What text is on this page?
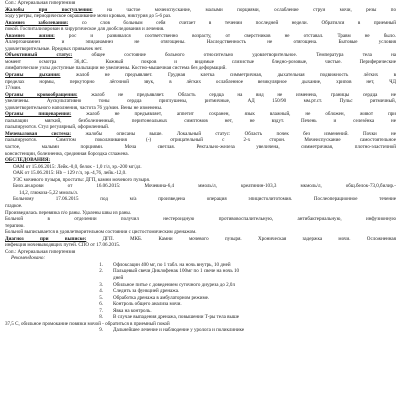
Соп.: Артериальная гипертензия
Жалобы при поступлении: на частое мочеиспускание, малыми порциями, ослабление струи мочи, резы по
ходу уретры, периодическое окрашивание мочи кровью, никтурия до 5-6 раз.
Анамнез заболевания: со слов больным себя считает в течении последней недели. Обратился в приемный
покой. Госпитализирован в хирургическое для дообследования и лечения.
Анамнез жизни: рос и развивался соответственно возрасту, от сверстников не отставал. Травм не было.
Аллергоанамнез и эпиданамнез не отягощены. Наследственность не отягощена. Бытовые условия
удовлетворительные. Вредных привычек нет.
Объективный статус: общее состояние больного относительно удовлетворительное. Температура тела на
момент осмотра 36,4С. Кожный покров и видимые слизистые бледно-розовые, чистые. Периферические
лимфатические узлы доступные пальпации не увеличены. Костно-мышечная система без деформаций.
Органы дыхания: жалоб не предъявляет. Грудная клетка симметричная, дыхательная подвижность лёгких в
пределах нормы, перкуторно лёгочной звук, в лёгких ослабленное везикулярное дыхание, хрипов нет, ЧД
17/мин.
Органы кровообращения: жалоб не предъявляет. Область сердца на вид не изменена, границы сердца не
увеличены. Аускультативно тоны сердца приглушены, ритмичные, АД 150/90 мм.рт.ст. Пульс ритмичный,
удовлетворительного наполнения, частота 76 уд/мин. Вены не изменены.
Органы пищеварения: жалоб не предъявляет, аппетит сохранен, язык влажный, не обложен, живот при
пальпации мягкий, безболезненный, перитонеальных симптомов нет, не вздут. Печень и селезёнка не
пальпируются. Стул регулярный, оформленный.
Мочевыловая система: жалобы описаны выше. Локальный статус: Область почек без изменений. Почки не
пальпируются. Симптом поколачивания (-) отрицательный с 2-х сторон. Мочеиспускание самостоятельное
частое, малыми порциями. Моча светлая. Ректально-железа увеличена, симметричная, плотно-эластичной
консистенции, болезненна, срединная бороздка сглажена.
ОБСЛЕДОВАНИЯ:
ОАМ от 15.06.2015: Лейк.-0,0, белок - 1,0 г/л, эр.-200 мг/дл.
ОАК от 15.06.2015: Hb – 129 г/л, эр.-4,76, лейк.-12,0.
УЗС мочевого пузыря, простаты: ДГП, камни мочевого пузыря.
Биох.ан.крови от 16.06.2015: Мочевина-6,4 ммоль/л, креатинин-103,3 мкмоль/л, общ.белок-73,0,билир.-
14,2, глюкоза-5,22 ммоль/л.
Больному 17.06.2015 под м/а произведена операция эпицистолитотомия. Послеоперационное течение
гладкое.
Произведилась перевязка п/о раны. Удалены швы из раны.
Больной в отделении получил нестероидную противовоспалительную, антибактериальную, инфузионную
терапию.
Больной выписывается в удовлетворительном состоянии с цистостомическим дренажом.
Диагноз при выписке: ДГП. МКБ. Камни мочевого пузыря. Хроническая задержка мочи. Осложненная
инфекция мочевыводящих путей. СПО от 17.06.2015.
Соп.: Артериальная гипертензия
Рекомендовано:
1.	Офлоксацин 400 мг, по 1 табл. на ночь внутрь, 10 дней
2.	Пальцевый свечи Диклофенак 100мг по 1 свече на ночь 10
дней
3.	Обильное питье с доведением суточного диуреза до 2,0л
4.	Следить за функцией дренажа.
5.	Обработка дренажа в амбулаторном режиме.
6.	Контроль общего анализа мочи.
7.	Явка на контроль.
8.	В случае выпадения дренажа, повышении Т-ры тела выше
37,5 С, обильное промокание повязки мочой - обратиться в приемный покой
9.	Дальнейшее лечение и наблюдение у уролога и поликлинике
